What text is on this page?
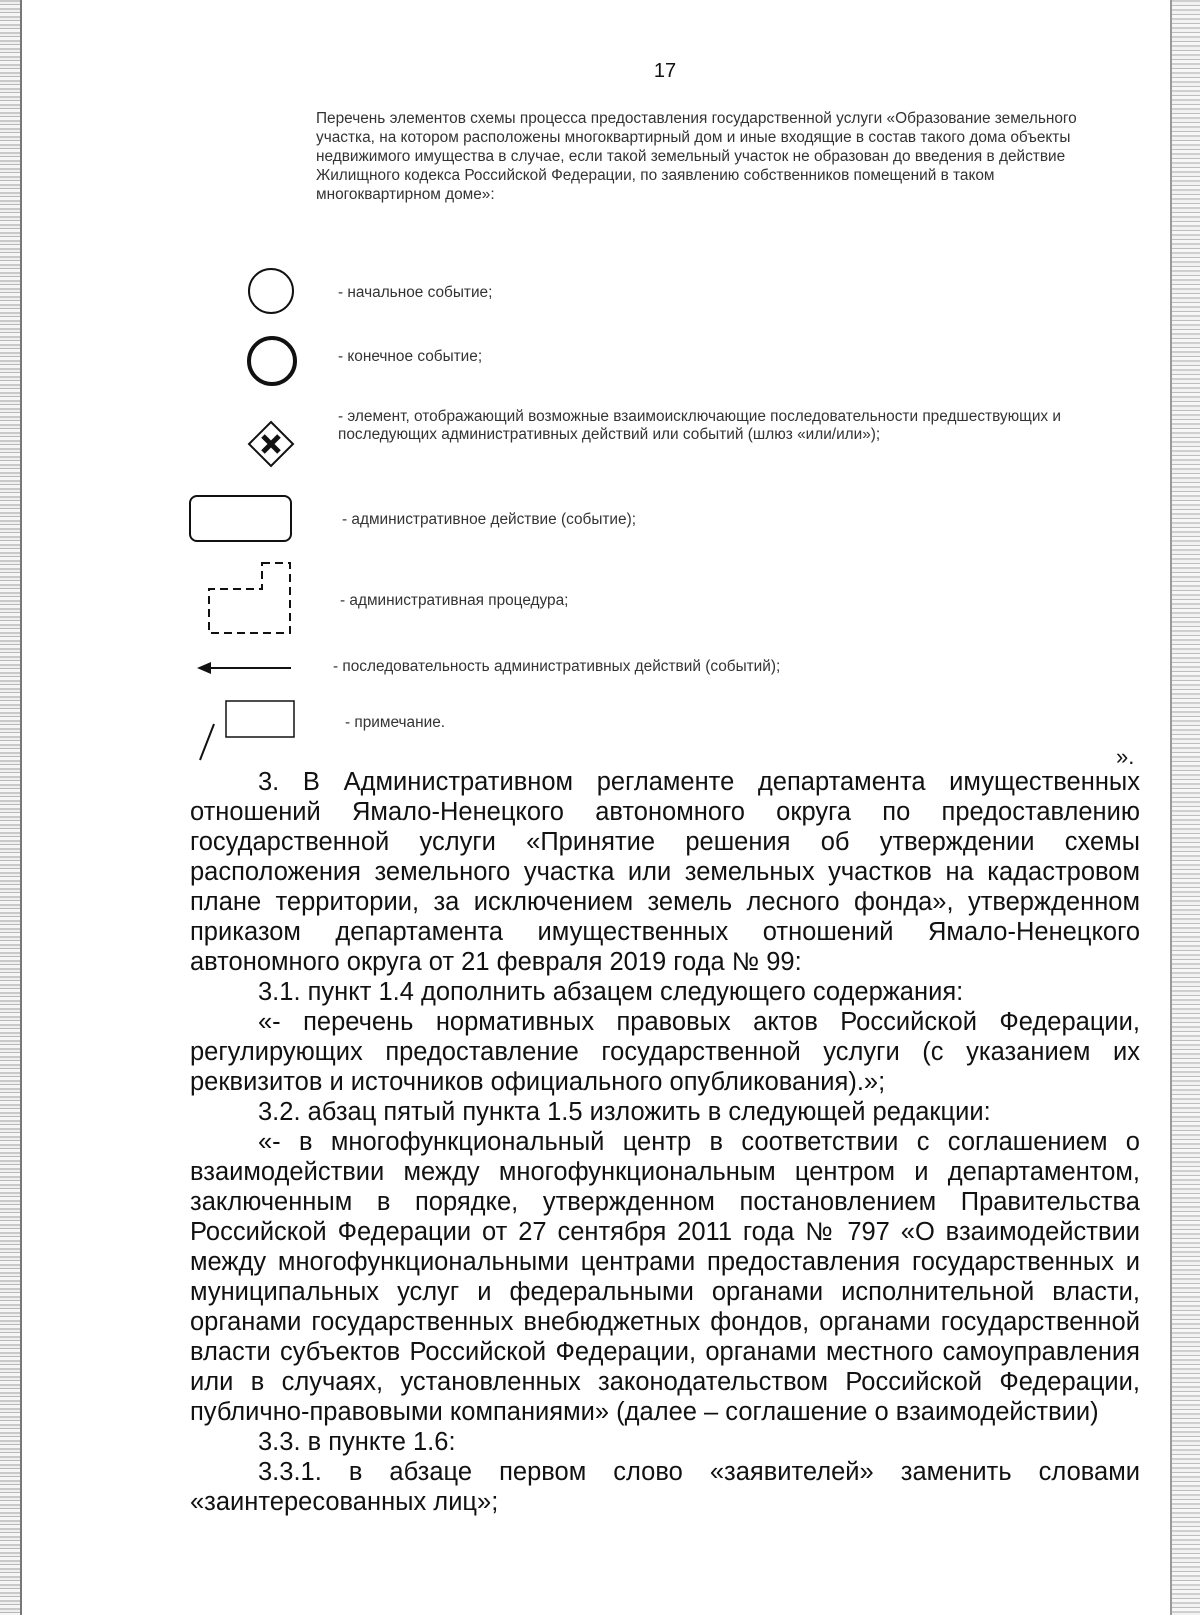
17
Перечень элементов схемы процесса предоставления государственной услуги «Образование земельного участка, на котором расположены многоквартирный дом и иные входящие в состав такого дома объекты недвижимого имущества в случае, если такой земельный участок не образован до введения в действие Жилищного кодекса Российской Федерации, по заявлению собственников помещений в таком многоквартирном доме»:
- начальное событие;
- конечное событие;
- элемент, отображающий возможные взаимоисключающие последовательности предшествующих и последующих административных действий или событий (шлюз «или/или»);
- административное действие (событие);
- административная процедура;
- последовательность административных действий (событий);
- примечание.
».

3. В Административном регламенте департамента имущественных отношений Ямало-Ненецкого автономного округа по предоставлению государственной услуги «Принятие решения об утверждении схемы расположения земельного участка или земельных участков на кадастровом плане территории, за исключением земель лесного фонда», утвержденном приказом департамента имущественных отношений Ямало-Ненецкого автономного округа от 21 февраля 2019 года № 99:

3.1. пункт 1.4 дополнить абзацем следующего содержания:

«- перечень нормативных правовых актов Российской Федерации, регулирующих предоставление государственной услуги (с указанием их реквизитов и источников официального опубликования).»;

3.2. абзац пятый пункта 1.5 изложить в следующей редакции:

«- в многофункциональный центр в соответствии с соглашением о взаимодействии между многофункциональным центром и департаментом, заключенным в порядке, утвержденном постановлением Правительства Российской Федерации от 27 сентября 2011 года № 797 «О взаимодействии между многофункциональными центрами предоставления государственных и муниципальных услуг и федеральными органами исполнительной власти, органами государственных внебюджетных фондов, органами государственной власти субъектов Российской Федерации, органами местного самоуправления или в случаях, установленных законодательством Российской Федерации, публично-правовыми компаниями» (далее – соглашение о взаимодействии)

3.3. в пункте 1.6:

3.3.1. в абзаце первом слово «заявителей» заменить словами «заинтересованных лиц»;
